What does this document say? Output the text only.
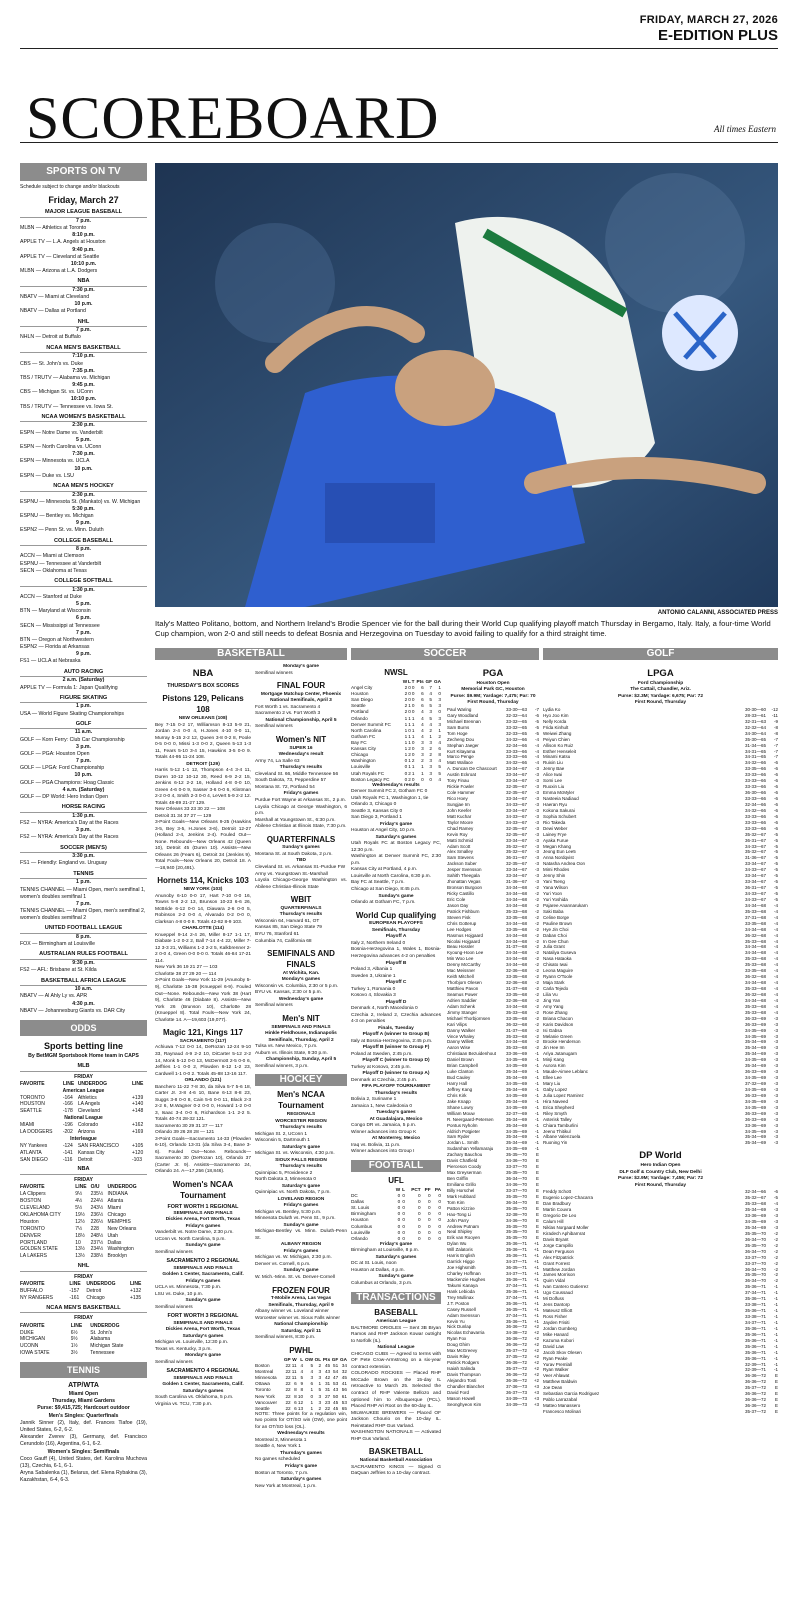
FRIDAY, MARCH 27, 2026
E-EDITION PLUS
SCOREBOARD	All times Eastern
SPORTS ON TV
Schedule subject to change and/or blackouts
Friday, March 27
MAJOR LEAGUE BASEBALL
7 p.m.
MLBN — Athletics at Toronto
8:10 p.m.
APPLE TV — L.A. Angels at Houston
9:40 p.m.
APPLE TV — Cleveland at Seattle
10:10 p.m.
MLBN — Arizona at L.A. Dodgers
NBA
7:30 p.m.
NBATV — Miami at Cleveland
10 p.m.
NBATV — Dallas at Portland
NHL
7 p.m.
NHLN — Detroit at Buffalo
NCAA MEN'S BASKETBALL
7:10 p.m.
CBS — St. John's vs. Duke
7:35 p.m.
TBS / TRUTV — Alabama vs. Michigan
9:45 p.m.
CBS — Michigan St. vs. UConn
10:10 p.m.
TBS / TRUTV — Tennessee vs. Iowa St.
NCAA WOMEN'S BASKETBALL
2:30 p.m.
ESPN — Notre Dame vs. Vanderbilt
5 p.m.
ESPN — North Carolina vs. UConn
7:30 p.m.
ESPN — Minnesota vs. UCLA
10 p.m.
ESPN — Duke vs. LSU
NCAA MEN'S HOCKEY
2:30 p.m.
ESPNU — Minnesota St. (Mankato) vs. W. Michigan
5:30 p.m.
ESPNU — Bentley vs. Michigan
9 p.m.
ESPN2 — Penn St. vs. Minn. Duluth
COLLEGE BASEBALL
8 p.m.
ACCN — Miami at Clemson
ESPNU — Tennessee at Vanderbilt
SECN — Oklahoma at Texas
COLLEGE SOFTBALL
1:30 p.m.
ACCN — Stanford at Duke
5 p.m.
BTN — Maryland at Wisconsin
6 p.m.
SECN — Mississippi at Tennessee
7 p.m.
BTN — Oregon at Northwestern
ESPN2 — Florida at Arkansas
9 p.m.
FS1 — UCLA at Nebraska
AUTO RACING
2 a.m. (Saturday)
APPLE TV — Formula 1: Japan Qualifying
FIGURE SKATING
1 p.m.
USA — World Figure Skating Championships
GOLF
11 a.m.
GOLF — Korn Ferry: Club Car Championship
3 p.m.
GOLF — PGA: Houston Open
7 p.m.
GOLF — LPGA: Ford Championship
10 p.m.
GOLF — PGA Champions: Hoag Classic
4 a.m. (Saturday)
GOLF — DP World: Hero Indian Open
HORSE RACING
1:30 p.m.
FS2 — NYRA: America's Day at the Races
3 p.m.
FS2 — NYRA: America's Day at the Races
SOCCER (MEN'S)
3:30 p.m.
FS1 — Friendly: England vs. Uruguay
TENNIS
1 p.m.
TENNIS CHANNEL — Miami Open, men's semifinal 1, women's doubles semifinal 1
7 p.m.
TENNIS CHANNEL — Miami Open, men's semifinal 2, women's doubles semifinal 2
UNITED FOOTBALL LEAGUE
8 p.m.
FOX — Birmingham at Louisville
AUSTRALIAN RULES FOOTBALL
9:30 p.m.
FS2 — AFL: Brisbane at St. Kilda
BASKETBALL AFRICA LEAGUE
10 a.m.
NBATV — Al Ahly Ly vs. APR
4:30 p.m.
NBATV — Johannesburg Giants vs. DAR City
ODDS
Sports betting line
By BetMGM Sportsbook Home team in CAPS
MLB
FRIDAY
FAVORITE	LINE	UNDERDOG	LINE
American League			
TORONTO	-164	Athletics	+139
HOUSTON	-166	LA Angels	+140
SEATTLE	-178	Cleveland	+148
National League			
MIAMI	-196	Colorado	+162
LA DODGERS	-202	Arizona	+169
Interleague			
NY Yankees	-124	SAN FRANCISCO	+105
ATLANTA	-141	Kansas City	+120
SAN DIEGO	-116	Detroit	-103
NBA
FRIDAY
FAVORITE	LINE	O/U	UNDERDOG
LA Clippers	9½	235½	INDIANA
BOSTON	4½	224½	Atlanta
CLEVELAND	5½	243½	Miami
OKLAHOMA CITY	19½	236½	Chicago
Houston	12½	226½	MEMPHIS
TORONTO	7½	228	New Orleans
DENVER	18½	248½	Utah
PORTLAND	10	237½	Dallas
GOLDEN STATE	13½	234½	Washington
LA LAKERS	13½	238½	Brooklyn
NHL
FRIDAY
FAVORITE	LINE	UNDERDOG	LINE
BUFFALO	-157	Detroit	+132
NY RANGERS	-161	Chicago	+135
NCAA MEN'S BASKETBALL
FRIDAY
FAVORITE	LINE	UNDERDOG
DUKE	6½	St. John's
MICHIGAN	9½	Alabama
UCONN	1½	Michigan State
IOWA STATE	3½	Tennessee
TENNIS
ATP/WTA
Miami Open
Thursday, Miami Gardens
Purse: $9,415,725; Hardcourt outdoor
Men's Singles: Quarterfinals
Jannik Sinner (2), Italy, def. Frances Tiafoe (19), United States, 6-2, 6-2.
Alexander Zverev (3), Germany, def. Francisco Cerundolo (16), Argentina, 6-1, 6-2.
Women's Singles: Semifinals
Coco Gauff (4), United States, def. Karolina Muchova (13), Czechia, 6-1, 6-1.
Aryna Sabalenka (1), Belarus, def. Elena Rybakina (3), Kazakhstan, 6-4, 6-3.
ANTONIO CALANNI, ASSOCIATED PRESS
Italy's Matteo Politano, bottom, and Northern Ireland's Brodie Spencer vie for the ball during their World Cup qualifying playoff match Thursday in Bergamo, Italy. Italy, a four-time World Cup champion, won 2-0 and still needs to defeat Bosnia and Herzegovina on Tuesday to avoid failing to qualify for a third straight time.
BASKETBALL	SOCCER	GOLF
NBA
THURSDAY'S BOX SCORES
Pistons 129, Pelicans 108
NEW ORLEANS (108)
Bey 7-15 0-2 17, Williamson 8-13 5-9 21, Jordan 2-4 0-0 4, H.Jones 4-10 0-0 11, Murray 5-15 2-2 12, Queen 3-8 0-2 8, Poole 0-5 0-0 0, Missi 1-3 0-0 2, Queen 5-13 1-3 11, Fears 5-10 3-4 15, Hawkins 3-5 0-0 9. Totals 44-95 11-24 108.
DETROIT (129)
Harris 5-12 1-1 12, Thompson 4-4 3-4 11, Duren 10-12 10-12 30, Reed 6-9 2-2 15, Jenkins 6-12 2-2 16, Holland 4-8 0-0 10, Green 4-6 0-0 9, Sasser 3-6 0-0 6, Klintman 2-2 0-0 4, Smith 2-3 0-0 4, LeVert 5-9 2-2 12. Totals 48-89 21-27 129.
New Orleans 33 23 30 22 — 108
Detroit 31 34 37 27 — 129
3-Point Goals—New Orleans 9-25 (Hawkins 3-5, Bey 3-5, H.Jones 3-6), Detroit 12-27 (Holland 2-4, Jenkins 2-4). Fouled Out—None. Rebounds—New Orleans 42 (Queen 10), Detroit 45 (Duren 10). Assists—New Orleans 26 (Fears 6), Detroit 34 (Jenkins 9). Total Fouls—New Orleans 20, Detroit 18. A—18,940 (20,491).
Hornets 114, Knicks 103
NEW YORK (103)
Anunoby 6-10 0-0 17, Hart 7-10 0-0 16, Towns 5-8 2-2 13, Brunson 10-23 6-6 26, McBride 6-12 0-0 14, Diawara 2-6 0-0 5, Robinson 2-2 0-0 4, Alvarado 0-2 0-0 0, Clarkson 4-8 0-0 8. Totals 42-82 8-9 103.
CHARLOTTE (114)
Knueppel 9-14 2-4 26, Miller 8-17 1-1 17, Diabate 1-2 0-2 2, Ball 7-14 4-4 22, Miller 7-12 3-3 21, Williams 1-2 2-2 5, Kalkbrenner 2-2 0-0 4, Green 0-0 0-0 0. Totals 46-84 17-21 114.
New York 36 19 21 27 — 103
Charlotte 38 27 29 20 — 114
3-Point Goals—New York 11-29 (Anunoby 5-9), Charlotte 15-38 (Knueppel 6-9). Fouled Out—None. Rebounds—New York 38 (Hart 9), Charlotte 46 (Diabate 8). Assists—New York 26 (Brunson 10), Charlotte 28 (Knueppel 8). Total Fouls—New York 24, Charlotte 14. A—19,603 (19,077).
Magic 121, Kings 117
SACRAMENTO (117)
Achiuwa 7-12 0-0 14, DeRozan 12-24 9-10 33, Raynaud 4-9 2-2 10, DiCarter 5-12 2-2 14, Monk 5-12 0-0 13, McDermott 2-5 0-0 6, Jeffries 1-1 0-0 2, Plowden 8-12 1-2 23, Cardwell 1-1 0-0 2. Totals 45-88 13-16 117.
ORLANDO (121)
Banchero 11-22 7-8 30, da Silva 5-7 5-6 18, Carter Jr. 3-8 4-6 10, Bane 6-13 8-8 23, Suggs 3-8 0-0 8, Cain 5-6 0-0 11, Black 2-3 2-2 6, M.Wagner 0-2 0-0 0, Howard 1-2 0-0 3, Isaac 3-4 0-0 6, Richardson 1-1 2-2 5. Totals 40-74 28-32 121.
Sacramento 30 29 31 27 — 117
Orlando 39 26 28 28 — 121
3-Point Goals—Sacramento 14-33 (Plowden 6-10), Orlando 13-31 (da Silva 3-4, Bane 3-6). Fouled Out—None. Rebounds—Sacramento 30 (DeRozan 10), Orlando 37 (Carter Jr. 9). Assists—Sacramento 24, Orlando 24. A—17,256 (18,846).
Women's NCAA Tournament
FORT WORTH 1 REGIONAL
SEMIFINALS AND FINALS
Dickies Arena, Fort Worth, Texas
Friday's games
Vanderbilt vs. Notre Dame, 2:30 p.m.
UConn vs. North Carolina, 5 p.m.
Sunday's game
Semifinal winners
SACRAMENTO 2 REGIONAL
SEMIFINALS AND FINALS
Golden 1 Center, Sacramento, Calif.
Friday's games
UCLA vs. Minnesota, 7:30 p.m.
LSU vs. Duke, 10 p.m.
Sunday's game
Semifinal winners
FORT WORTH 3 REGIONAL
SEMIFINALS AND FINALS
Dickies Arena, Fort Worth, Texas
Saturday's games
Michigan vs. Louisville, 12:30 p.m.
Texas vs. Kentucky, 3 p.m.
Monday's game
Semifinal winners
SACRAMENTO 4 REGIONAL
SEMIFINALS AND FINALS
Golden 1 Center, Sacramento, Calif.
Saturday's games
South Carolina vs. Oklahoma, 5 p.m.
Virginia vs. TCU, 7:30 p.m.
Monday's game
Semifinal winners
FINAL FOUR
Mortgage Matchup Center, Phoenix
National Semifinals, April 3
Fort Worth 1 vs. Sacramento 4
Sacramento 2 vs. Fort Worth 3
National Championship, April 5
Semifinal winners
Women's NIT
SUPER 16
Wednesday's result
Army 74, La Salle 63
Thursday's results
Cleveland St. 66, Middle Tennessee 56
South Dakota, 73, Pepperdine 57
Montana St. 72, Portland 54
Friday's games
Purdue Fort Wayne at Arkansas St., 2 p.m.
Loyola Chicago at George Washington, 6 p.m.
Marshall at Youngstown St., 6:30 p.m.
Abilene Christian at Illinois State, 7:30 p.m.
QUARTERFINALS
Sunday's games
Montana St. at South Dakota, 2 p.m.
TBD
Cleveland St. vs. Arkansas St.-Purdue FW
Army vs. Youngstown St.-Marshall
Loyola Chicago-George Washington vs. Abilene Christian-Illinois State
WBIT
QUARTERFINALS
Thursday's results
Wisconsin 64, Harvard 61, OT
Kansas 85, San Diego State 79
BYU 76, Stanford 61
Columbia 74, California 68
SEMIFINALS AND FINALS
At Wichita, Kan.
Monday's games
Wisconsin vs. Columbia, 2:30 or 5 p.m.
BYU vs. Kansas, 2:30 or 5 p.m.
Wednesday's game
Semifinal winners
Men's NIT
SEMIFINALS AND FINALS
Hinkle Fieldhouse, Indianapolis
Semifinals, Thursday, April 2
Tulsa vs. New Mexico, 7 p.m.
Auburn vs. Illinois State, 9:30 p.m.
Championship, Sunday, April 5
Semifinal winners, 3 p.m.
HOCKEY
Men's NCAA Tournament
REGIONALS
WORCESTER REGION
Thursday's results
Michigan St. 2, UConn 1
Wisconsin 5, Dartmouth 1
Saturday's game
Michigan St. vs. Wisconsin, 4:30 p.m.
SIOUX FALLS REGION
Thursday's results
Quinnipiac 5, Providence 2
North Dakota 3, Minnesota 0
Saturday's game
Quinnipiac vs. North Dakota, 7 p.m.
LOVELAND REGION
Friday's games
Michigan vs. Bentley, 5:30 p.m.
Minnesota Duluth vs. Penn St., 9 p.m.
Sunday's game
Michigan-Bentley vs. Minn. Duluth-Penn St.
ALBANY REGION
Friday's games
Michigan vs. W. Michigan, 2:30 p.m.
Denver vs. Cornell, 6 p.m.
Sunday's game
W. Mich.-Minn. St. vs. Denver-Cornell
FROZEN FOUR
T-Mobile Arena, Las Vegas
Semifinals, Thursday, April 9
Albany winner vs. Loveland winner
Worcester winner vs. Sioux Falls winner
National Championship
Saturday, April 11
Semifinal winners, 8:30 p.m.
PWHL
	GP	W	L	OW	OL	Pts	GF	GA
Boston	22	11	4	5	2	45	51	34
Montreal	22	11	4	4	3	43	54	32
Minnesota	22	11	5	3	3	42	47	45
Ottawa	22	6	9	6	1	31	53	41
Toronto	22	8	8	1	5	31	43	56
New York	22	8	10	0	3	27	50	61
Vancouver	22	6	12	1	3	23	45	53
Seattle	22	6	13	1	2	22	45	65
NOTE: Three points for a regulation win, two points for OT/SO win (OW), one point for an OT/SO loss (OL).
Wednesday's results
Montreal 3, Minnesota 1
Seattle 4, New York 1
Thursday's games
No games scheduled
Friday's game
Boston at Toronto, 7 p.m.
Saturday's games
New York at Montreal, 1 p.m.
NWSL
	W	L	T	Pts	GF	GA
Angel City	2	0	0	6	7	1
Houston	2	0	0	6	4	0
San Diego	2	0	0	6	5	3
Seattle	2	1	0	6	5	3
Portland	2	0	0	4	3	0
Orlando	1	1	1	4	5	3
Denver Summit FC	1	1	1	4	4	3
North Carolina	1	0	1	4	2	1
Gotham FC	1	1	1	4	1	2
Bay FC	1	1	0	3	3	4
Kansas City	1	2	0	3	2	6
Chicago	1	2	0	3	2	8
Washington	0	1	2	2	3	4
Louisville	0	1	1	1	3	5
Utah Royals FC	0	2	1	1	3	5
Boston Legacy FC	0	2	0	0	0	4
Wednesday's results
Denver Summit FC 2, Gotham FC 0
Utah Royals FC 1, Washington 1, tie
Orlando 3, Chicago 0
Seattle 3, Kansas City 0
San Diego 3, Portland 1
Friday's game
Houston at Angel City, 10 p.m.
Saturday's games
Utah Royals FC at Boston Legacy FC, 12:30 p.m.
Washington at Denver Summit FC, 2:30 p.m.
Kansas City at Portland, 4 p.m.
Louisville at North Carolina, 6:30 p.m.
Bay FC at Seattle, 7 p.m.
Chicago at San Diego, 8:45 p.m.
Sunday's game
Orlando at Gotham FC, 7 p.m.
World Cup qualifying
EUROPEAN PLAYOFFS
Semifinals, Thursday
Playoff A
Italy 2, Northern Ireland 0
Bosnia-Herzegovina 1, Wales 1, Bosnia-Herzegovina advances 4-2 on penalties
Playoff B
Poland 3, Albania 1
Sweden 3, Ukraine 1
Playoff C
Turkey 1, Romania 0
Kosovo 4, Slovakia 3
Playoff D
Denmark 4, North Macedonia 0
Czechia 2, Ireland 2, Czechia advances 4-3 on penalties
Finals, Tuesday
Playoff A (winner to Group B)
Italy at Bosnia-Herzegovina, 2:45 p.m.
Playoff B (winner to Group F)
Poland at Sweden, 2:45 p.m.
Playoff C (winner to Group D)
Turkey at Kosovo, 2:45 p.m.
Playoff D (winner to Group A)
Denmark at Czechia, 2:45 p.m.
FIFA PLAYOFF TOURNAMENT
Thursday's results
Bolivia 2, Suriname 1
Jamaica 1, New Caledonia 0
Tuesday's games
At Guadalajara, Mexico
Congo DR vs. Jamaica, 5 p.m.
Winner advances into Group K
At Monterrey, Mexico
Iraq vs. Bolivia, 11 p.m.
Winner advances into Group I
FOOTBALL
UFL
	W	L	PCT	PF	PA
DC	0	0	0	0	0
Dallas	0	0	0	0	0
St. Louis	0	0	0	0	0
Birmingham	0	0	0	0	0
Houston	0	0	0	0	0
Columbus	0	0	0	0	0
Louisville	0	0	0	0	0
Orlando	0	0	0	0	0
Friday's game
Birmingham at Louisville, 8 p.m.
Saturday's games
DC at St. Louis, noon
Houston at Dallas, 4 p.m.
Sunday's game
Columbus at Orlando, 3 p.m.
TRANSACTIONS
BASEBALL
American League
BALTIMORE ORIOLES — Sent 3B Bryan Ramos and RHP Jackson Kowar outright to Norfolk (IL).
National League
CHICAGO CUBS — Agreed to terms with OF Pete Crow-Armstrong on a six-year contract extension.
COLORADO ROCKIES — Placed RHP McCade Brown on the 15-day IL retroactive to March 25. Selected the contract of RHP Valente Bellozo and optioned him to Albuquerque (PCL). Placed RHP Ari Root on the 60-day IL.
MILWAUKEE BREWERS — Placed OF Jackson Chourio on the 10-day IL. Reinstated RHP Gus Varland.
WASHINGTON NATIONALS — Activated RHP Gus Varland.
BASKETBALL
National Basketball Association
SACRAMENTO KINGS — Signed G DaQuan Jeffries to a 10-day contract.
PGA
Houston Open
Memorial Park GC, Houston
Purse: $9.9M; Yardage: 7,475; Par: 70
First Round, Thursday
Paul Waring	33-30—63	-7
Gary Woodland	32-32—64	-6
Michael Brennan	33-32—65	-5
Sam Burns	33-32—65	-5
Tom Hoge	32-33—65	-5
Zecheng Dou	34-32—66	-4
Stephan Jaeger	32-34—66	-4
Kurt Kitayama	33-33—66	-4
Marco Penge	33-33—66	-4
Matt Wallace	34-32—66	-4
A. Duncan De Chascourt	33-34—67	-3
Austin Eckroat	33-34—67	-3
Tony Finau	33-34—67	-3
Rickie Fowler	32-35—67	-3
Cole Hammer	32-35—67	-3
Rico Hoey	33-34—67	-3
Sungjae Im	34-33—67	-3
John Keefer	33-34—67	-3
Matt Kuchar	34-33—67	-3
Taylor Moore	34-33—67	-3
Chad Ramey	32-35—67	-3
Kevin Roy	32-35—67	-3
Matti Schmid	33-34—67	-3
Adam Scott	35-32—67	-3
Alex Smalley	35-32—67	-3
Sam Stevens	36-31—67	-3
Jackson Suber	32-35—67	-3
Jesper Svensson	33-34—67	-3
Sahith Theegala	33-34—67	-3
Jhonattan Vegas	31-36—67	-3
Bronson Burgoon	34-34—68	-2
Ricky Castillo	34-34—68	-2
Eric Cole	34-34—68	-2
Jason Day	34-34—68	-2
Patrick Fishburn	35-33—68	-2
Steven Fisk	33-35—68	-2
Chris Gotterup	34-34—68	-2
Lee Hodges	33-35—68	-2
Rasmus Hojgaard	34-34—68	-2
Nicolai Hojgaard	34-34—68	-2
Beau Hossler	31-37—68	-2
Kyoung-Hoon Lee	34-34—68	-2
Min Woo Lee	34-34—68	-2
Denny McCarthy	34-34—68	-2
Mac Meissner	32-36—68	-2
Keith Mitchell	33-35—68	-2
Thorbjorn Olesen	32-36—68	-2
Matthieu Pavon	31-37—68	-2
Seamus Power	33-35—68	-2
Adrien Saddier	32-36—68	-2
Adam Schenk	34-34—68	-2
Jimmy Stanger	35-33—68	-2
Michael Thorbjornsen	33-35—68	-2
Kari Vilips	36-32—68	-2
Danny Walker	31-37—68	-2
Vince Whaley	35-33—68	-2
Danny Willett	34-34—68	-2
Aaron Wise	35-33—68	-2
Christiaan Bezuidenhout	33-36—69	-1
Daniel Brown	34-35—69	-1
Brian Campbell	34-35—69	-1
Luke Clanton	35-34—69	-1
Bud Cauley	35-34—69	-1
Harry Hall	34-35—69	-1
Jeffrey Kang	35-34—69	-1
Chris Kirk	34-35—69	-1
Jake Knapp	35-34—69	-1
Shane Lowry	34-35—69	-1
William Mouw	32-37—69	-1
R. Neergaard-Petersen	35-34—69	-1
Pontus Nyholm	35-34—69	-1
Aldrich Potgieter	34-35—69	-1
Sam Ryder	35-34—69	-1
Jordan L. Smith	35-34—69	-1
Sudarshan Yellamaraju	34-35—69	-1
Zachary Bauchou	35-35—70	E
Davis Chatfield	34-36—70	E
Pierceson Coody	33-37—70	E
Max Greyserman	35-35—70	E
Ben Griffin	36-34—70	E
Emiliano Grillo	34-36—70	E
Billy Horschel	33-37—70	E
Mark Hubbard	35-35—70	E
Tom Kim	36-34—70	E
Patton Kizzire	35-35—70	E
Hao-Tong Li	32-38—70	E
John Parry	34-36—70	E
Andrew Putnam	35-35—70	E
Neal Shipley	35-35—70	E
Erik van Rooyen	35-35—70	E
Dylan Wu	35-36—71	+1
Will Zalatoris	35-36—71	+1
Harris English	35-36—71	+1
Garrick Higgo	34-37—71	+1
Joe Highsmith	36-35—71	+1
Charley Hoffman	34-37—71	+1
Mackenzie Hughes	35-36—71	+1
Takumi Kanaya	37-34—71	+1
Hank Lebioda	35-36—71	+1
Trey Mullinax	37-34—71	+1
J.T. Poston	35-36—71	+1
Casey Russell	36-35—71	+1
Adam Svensson	37-34—71	+1
Kevin Yu	35-36—71	+1
Nick Dunlap	36-36—72	+2
Nicolas Echavarria	34-38—72	+2
Ryan Fox	36-36—72	+2
Doug Ghim	36-36—72	+2
Max McGreevy	35-37—72	+2
Davis Riley	37-35—72	+2
Patrick Rodgers	36-36—72	+2
Isaiah Salinda	35-37—72	+2
Davis Thompson	36-36—72	+2
Alejandro Tosti	36-36—72	+2
Chandler Blanchet	37-36—73	+3
David Ford	36-37—73	+3
Mason Howell	34-39—73	+3
Seonghyeon Kim	34-39—73	+3
LPGA
Ford Championship
The Cattail, Chandler, Ariz.
Purse: $2.3M; Yardage: 6,675; Par: 72
First Round, Thursday
Lydia Ko	30-30—60	-12
Hyo Joo Kim	28-33—61	-11
Nelly Korda	32-31—63	-9
Frida Kinhult	32-32—64	-8
Weiwei Zhang	34-30—64	-8
Peiyun Chien	35-30—65	-7
Allison Ko Ruiz	31-34—65	-7
Esther Henseleit	34-31—65	-7
Minami Katsu	34-31—65	-7
Ruixin Liu	34-32—66	-6
Jenny Bae	33-35—66	-6
Alice Iwai	33-33—66	-6
Somi Lee	33-33—66	-6
Ruoxin Liu	33-33—66	-6
Emma McMyler	36-30—66	-6
Nasteeia Nadiaud	33-33—66	-6
Haeran Ryu	32-34—66	-6
Kokona Sakurai	34-32—66	-6
Sophia Schubert	33-33—66	-6
Rio Takeda	33-33—66	-6
Dewi Weber	33-33—66	-6
Lainey Frye	35-32—67	-5
Ayaka Furue	36-31—67	-5
Megan Khang	34-33—67	-5
Jeong Eun Lee5	35-32—67	-5
Anna Nordqvist	31-36—67	-5
Natasha Andrea Oon	33-34—67	-5
Mimi Rhodes	34-33—67	-5
Jenny Shin	33-34—67	-5
Yani Tseng	33-34—67	-5
Yana Wilson	36-31—67	-5
Yuri Yoon	34-33—67	-5
Yuri Yoshida	34-33—67	-5
Pajaree Anannarukarn	34-34—68	-4
Saki Baba	35-33—68	-4
Celine Borge	37-31—68	-4
Pauline Brown	33-35—68	-4
Hye Jin Choi	34-34—68	-4
Daban Choi	36-32—68	-4
In Gee Chun	35-33—68	-4
Julia Grant	34-34—68	-4
Nataliya Guseva	34-34—68	-4
Nasa Hataoka	35-33—68	-4
Chisato Iwai	35-33—68	-4
Leona Maguire	33-35—68	-4
Ryann O'Toole	36-32—68	-4
Maja Stark	34-34—68	-4
Carla Tejedo	35-33—68	-4
Lilia Vu	36-32—68	-4
Jing Yan	34-34—68	-4
Amy Yang	35-33—68	-4
Rose Zhang	35-33—68	-4
Briana Chacon	36-33—69	-3
Karis Davidson	36-33—69	-3
Isi Gabsa	34-35—69	-3
Melanie Green	34-35—69	-3
Brooke Henderson	35-34—69	-3
Jin Hee Im	35-34—69	-3
Ariya Jutanugarn	35-34—69	-3
Minji Kang	34-35—69	-3
Aurora Kim	35-34—69	-3
Maude-Aimee Leblanc	36-33—69	-3
Ellee Lee	34-35—69	-3
Mary Liu	37-32—69	-3
Gaby Lopez	34-35—69	-3
Julia Lopez Ramirez	36-33—69	-3
Hira Naveed	34-35—69	-3
Erica Shepherd	34-35—69	-3
Riley Smyth	36-33—69	-3
Asterisk Talley	36-33—69	-3
Chiara Tamburlini	33-36—69	-3
Jeeno Thitikul	34-35—69	-3
Albane Valenzuela	35-34—69	-3
Ruoning Yin	35-34—69	-3
DP World
Hero Indian Open
DLF Golf & Country Club, New Delhi
Purse: $2.9M; Yardage: 7,456; Par: 72
First Round, Thursday
Freddy Schott	32-34—66	-6
Eugenio Lopez-Chacarra	35-32—67	-5
Dan Bradbury	35-33—68	-4
Martin Couvra	35-34—69	-3
Gregorio De Leo	33-36—69	-3
Calum Hill	34-35—69	-3
Niklas Norgaard Moller	35-34—69	-3
Kiradech Aphibarnrat	35-35—70	-2
Davis Bryant	36-34—70	-2
Jorge Campillo	35-35—70	-2
Dean Ferguson	36-34—70	-2
Alex Fitzpatrick	33-37—70	-2
Grant Forrest	33-37—70	-2
Matthew Jordan	36-34—70	-2
James Morrison	35-35—70	-2
Quim Vidal	36-34—70	-2
Ivan Cantero Gutierrez	35-36—71	-1
Ugo Coussaud	37-34—71	-1
Mi Dolfuss	35-36—71	-1
Jens Dantorp	33-38—71	-1
Mateusz Elliott	35-36—71	-1
Ross Fisher	33-38—71	-1
Jayden Frisiti	34-37—71	-1
Jordan Gumberg	35-36—71	-1
Mike Hanard	35-36—71	-1
Kazuma Kobori	35-36—71	-1
David Law	35-36—71	-1
Jacob Skov Olesen	35-36—71	-1
Ryan Peake	35-36—71	-1
Yurav Premlall	32-39—71	-1
Ryan Walker	32-39—71	-1
Veer Ahlawat	36-36—72	E
Matthew Baldwin	36-36—72	E
Joe Dean	35-37—72	E
Sebastian Garcia Rodriguez	36-36—72	E
Pablo Larrazabal	36-36—72	E
Matteo Manassero	36-36—72	E
Francesco Molinari	35-37—72	E
